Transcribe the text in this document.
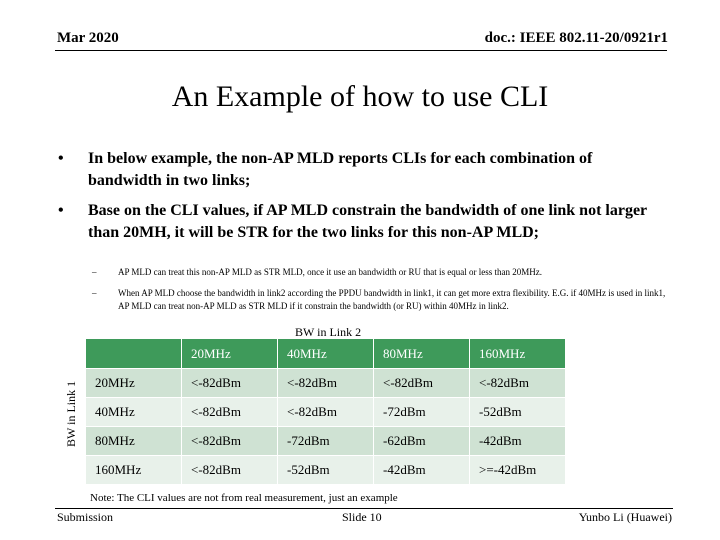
Mar 2020	doc.: IEEE 802.11-20/0921r1
An Example of how to use CLI
• In below example, the non-AP MLD reports CLIs for each combination of bandwidth in two links;
• Base on the CLI values, if AP MLD constrain the bandwidth of one link not larger than 20MH, it will be STR for the two links for this non-AP MLD;
– AP MLD can treat this non-AP MLD as STR MLD, once it use an bandwidth or RU that is equal or less than 20MHz.
– When AP MLD choose the bandwidth in link2 according the PPDU bandwidth in link1, it can get more extra flexibility. E.G. if 40MHz is used in link1, AP MLD can treat non-AP MLD as STR MLD if it constrain the bandwidth (or RU) within 40MHz in link2.
BW in Link 2
BW in Link 1
	20MHz	40MHz	80MHz	160MHz
20MHz	<-82dBm	<-82dBm	<-82dBm	<-82dBm
40MHz	<-82dBm	<-82dBm	-72dBm	-52dBm
80MHz	<-82dBm	-72dBm	-62dBm	-42dBm
160MHz	<-82dBm	-52dBm	-42dBm	>=-42dBm
Note: The CLI values are not from real measurement, just an example
Submission	Slide 10	Yunbo Li (Huawei)
